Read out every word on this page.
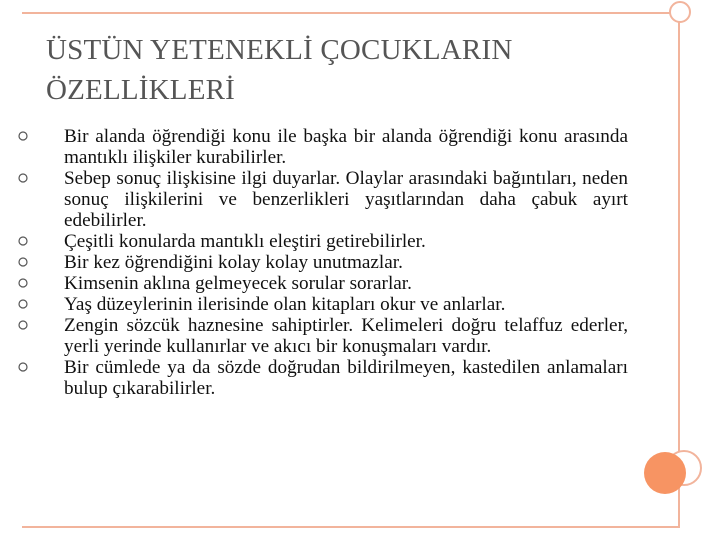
ÜSTÜN YETENEKLİ ÇOCUKLARIN
ÖZELLİKLERİ
Bir alanda öğrendiği konu ile başka bir alanda öğrendiği konu arasında mantıklı ilişkiler kurabilirler.
Sebep sonuç ilişkisine ilgi duyarlar. Olaylar arasındaki bağıntıları, neden sonuç ilişkilerini ve benzerlikleri yaşıtlarından daha çabuk ayırt edebilirler.
Çeşitli konularda mantıklı eleştiri getirebilirler.
Bir kez öğrendiğini kolay kolay unutmazlar.
Kimsenin aklına gelmeyecek sorular sorarlar.
Yaş düzeylerinin ilerisinde olan kitapları okur ve anlarlar.
Zengin sözcük haznesine sahiptirler. Kelimeleri doğru telaffuz ederler, yerli yerinde kullanırlar ve akıcı bir konuşmaları vardır.
Bir cümlede ya da sözde doğrudan bildirilmeyen, kastedilen anlamaları bulup çıkarabilirler.
